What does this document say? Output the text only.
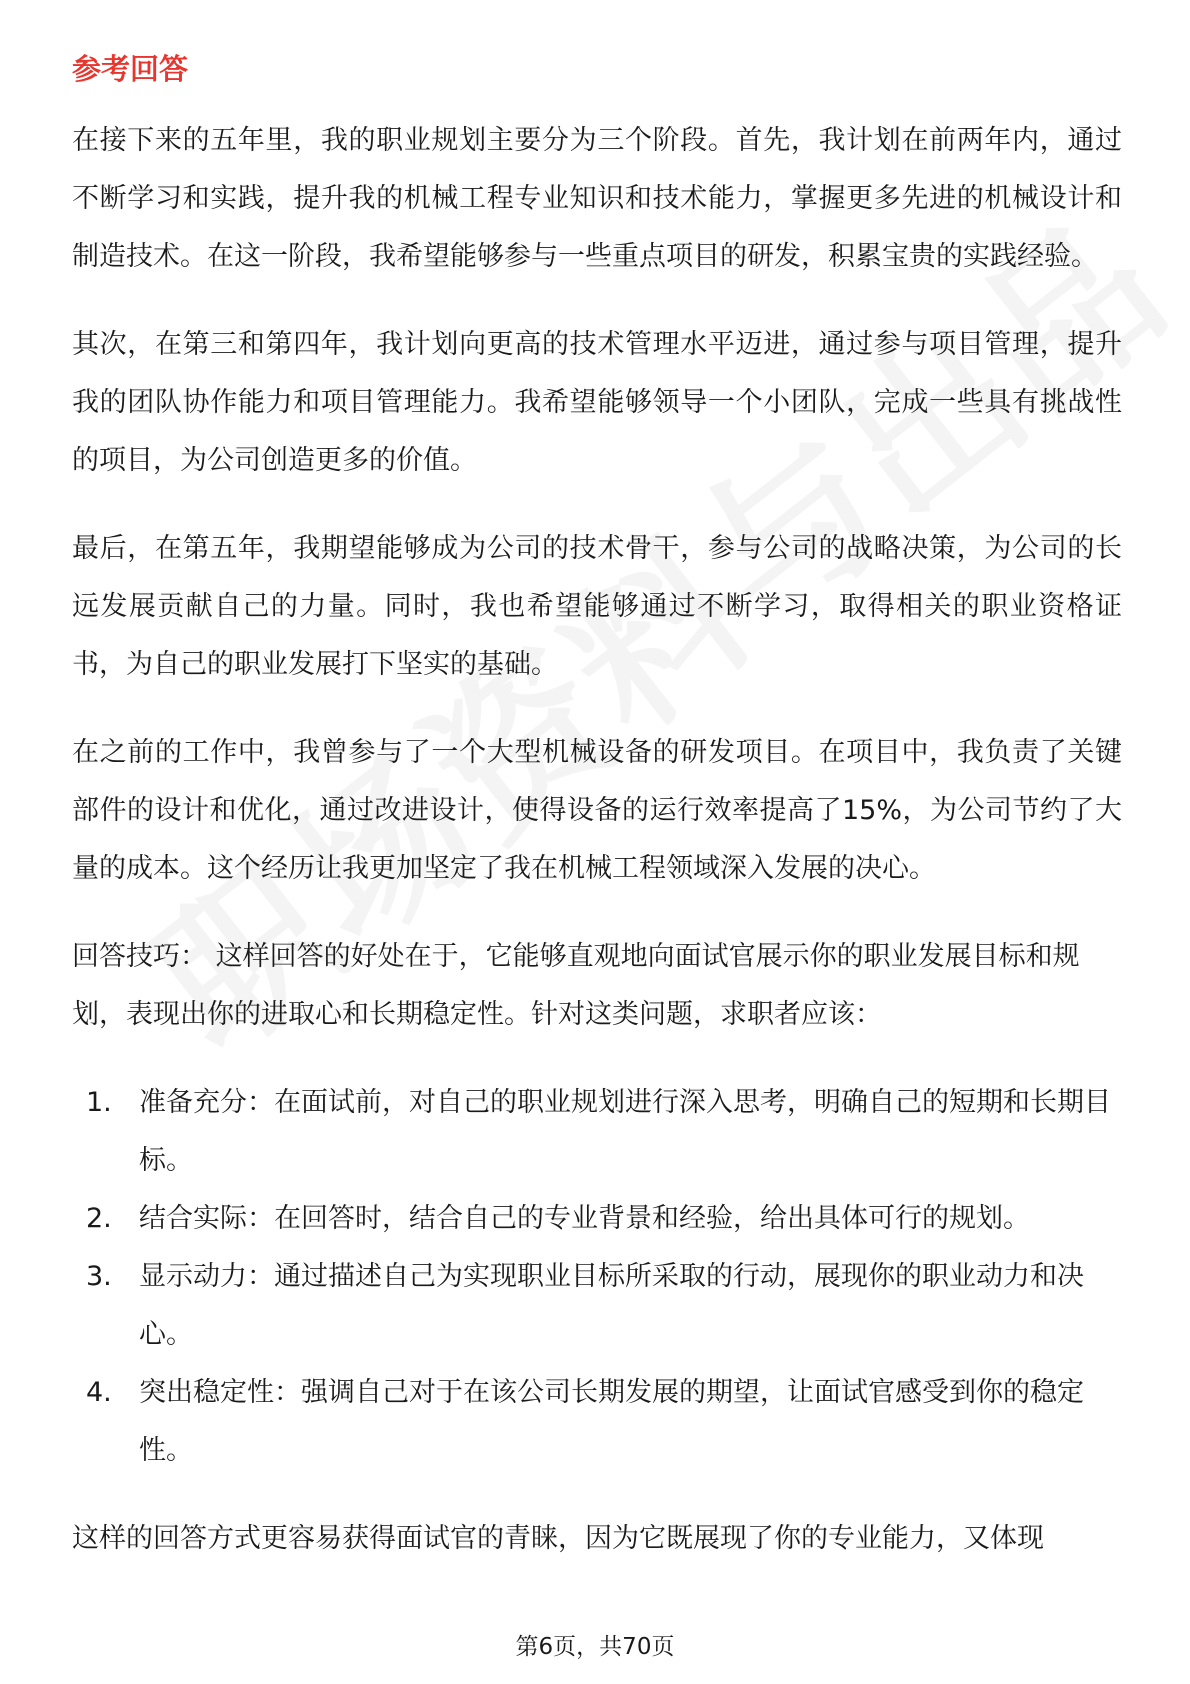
参考回答

在接下来的五年里，我的职业规划主要分为三个阶段。首先，我计划在前两年内，通过不断学习和实践，提升我的机械工程专业知识和技术能力，掌握更多先进的机械设计和制造技术。在这一阶段，我希望能够参与一些重点项目的研发，积累宝贵的实践经验。

其次，在第三和第四年，我计划向更高的技术管理水平迈进，通过参与项目管理，提升我的团队协作能力和项目管理能力。我希望能够领导一个小团队，完成一些具有挑战性的项目，为公司创造更多的价值。

最后，在第五年，我期望能够成为公司的技术骨干，参与公司的战略决策，为公司的长远发展贡献自己的力量。同时，我也希望能够通过不断学习，取得相关的职业资格证书，为自己的职业发展打下坚实的基础。

在之前的工作中，我曾参与了一个大型机械设备的研发项目。在项目中，我负责了关键部件的设计和优化，通过改进设计，使得设备的运行效率提高了15%，为公司节约了大量的成本。这个经历让我更加坚定了我在机械工程领域深入发展的决心。

回答技巧： 这样回答的好处在于，它能够直观地向面试官展示你的职业发展目标和规划，表现出你的进取心和长期稳定性。针对这类问题，求职者应该：

1. 准备充分：在面试前，对自己的职业规划进行深入思考，明确自己的短期和长期目标。
2. 结合实际：在回答时，结合自己的专业背景和经验，给出具体可行的规划。
3. 显示动力：通过描述自己为实现职业目标所采取的行动，展现你的职业动力和决心。
4. 突出稳定性：强调自己对于在该公司长期发展的期望，让面试官感受到你的稳定性。

这样的回答方式更容易获得面试官的青睐，因为它既展现了你的专业能力，又体现

第6页，共70页
